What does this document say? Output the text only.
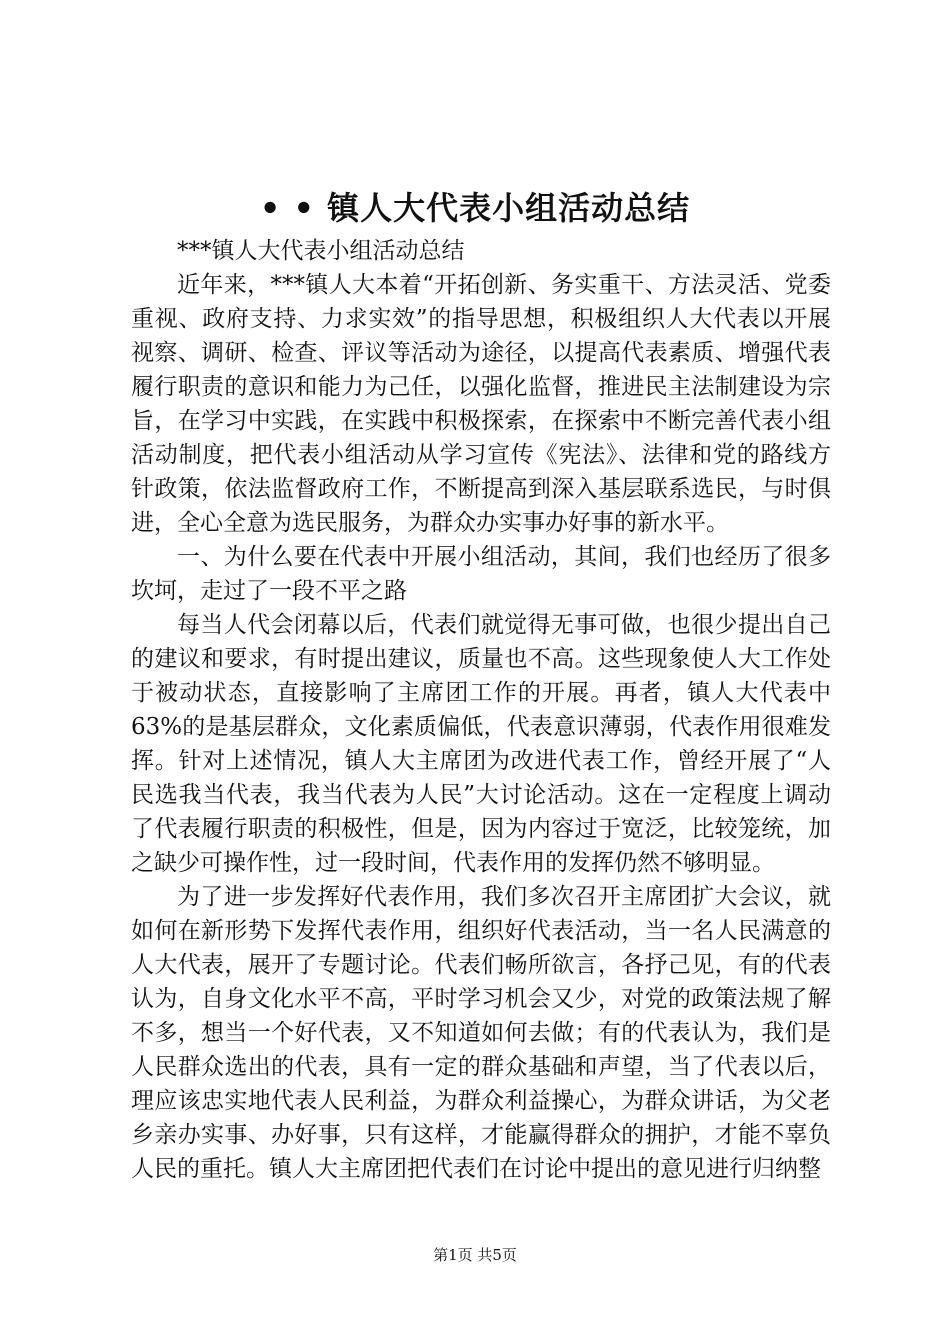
• • 镇人大代表小组活动总结

***镇人大代表小组活动总结

近年来，***镇人大本着“开拓创新、务实重干、方法灵活、党委重视、政府支持、力求实效”的指导思想，积极组织人大代表以开展视察、调研、检查、评议等活动为途径，以提高代表素质、增强代表履行职责的意识和能力为己任，以强化监督，推进民主法制建设为宗旨，在学习中实践，在实践中积极探索，在探索中不断完善代表小组活动制度，把代表小组活动从学习宣传《宪法》、法律和党的路线方针政策，依法监督政府工作，不断提高到深入基层联系选民，与时俱进，全心全意为选民服务，为群众办实事办好事的新水平。

一、为什么要在代表中开展小组活动，其间，我们也经历了很多坎坷，走过了一段不平之路

每当人代会闭幕以后，代表们就觉得无事可做，也很少提出自己的建议和要求，有时提出建议，质量也不高。这些现象使人大工作处于被动状态，直接影响了主席团工作的开展。再者，镇人大代表中63%的是基层群众，文化素质偏低，代表意识薄弱，代表作用很难发挥。针对上述情况，镇人大主席团为改进代表工作，曾经开展了“人民选我当代表，我当代表为人民”大讨论活动。这在一定程度上调动了代表履行职责的积极性，但是，因为内容过于宽泛，比较笼统，加之缺少可操作性，过一段时间，代表作用的发挥仍然不够明显。

为了进一步发挥好代表作用，我们多次召开主席团扩大会议，就如何在新形势下发挥代表作用，组织好代表活动，当一名人民满意的人大代表，展开了专题讨论。代表们畅所欲言，各抒己见，有的代表认为，自身文化水平不高，平时学习机会又少，对党的政策法规了解不多，想当一个好代表，又不知道如何去做；有的代表认为，我们是人民群众选出的代表，具有一定的群众基础和声望，当了代表以后，理应该忠实地代表人民利益，为群众利益操心，为群众讲话，为父老乡亲办实事、办好事，只有这样，才能赢得群众的拥护，才能不辜负人民的重托。镇人大主席团把代表们在讨论中提出的意见进行归纳整

第1页 共5页
